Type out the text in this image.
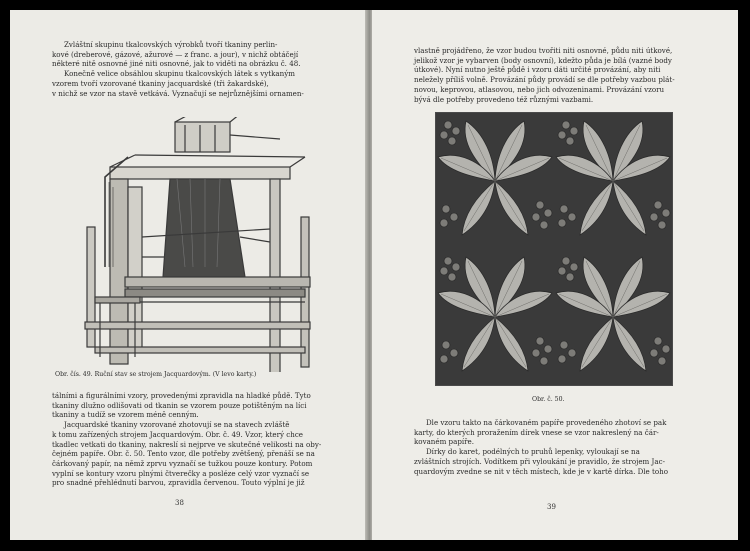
Zvláštní skupinu tkalcovských výrobků tvoří tkaniny perlin-

kové (dreberové, gázové, ažurové — z franc. a jour), v nichž obtáčejí

některé nitě osnovné jiné niti osnovné, jak to viděti na obrázku č. 48.

Konečně velice obsáhlou skupinu tkalcovských látek s vytkaným

vzorem tvoří vzorované tkaniny jacquardské (tři žakardské),

v nichž se vzor na stavě vetkává. Vyznačují se nejrůznějšími ornamen-

Obr. čís. 49. Ruční stav se strojem Jacquardovým. (V levo karty.)

tálními a figurálními vzory, provedenými zpravidla na hladké půdě. Tyto

tkaniny dlužno odlišovati od tkanin se vzorem pouze potištěným na líci

tkaniny a tudíž se vzorem méně cenným.

Jacquardské tkaniny vzorované zhotovují se na stavech zvláště

k tomu zařízených strojem Jacquardovým. Obr. č. 49. Vzor, který chce

tkadlec vetkati do tkaniny, nakreslí si nejprve ve skutečné velikosti na oby-

čejném papíře. Obr. č. 50. Tento vzor, dle potřeby zvětšený, přenáší se na

čárkovaný papír, na němž zprvu vyznačí se tužkou pouze kontury. Potom

vyplní se kontury vzoru plnými čtverečky a posléze celý vzor vyznačí se

pro snadné přehlédnutí barvou, zpravidla červenou. Touto výplní je již

38

vlastně projádřeno, že vzor budou tvořiti niti osnovné, půdu niti útkové,

jelikož vzor je vybarven (body osnovní), kdežto půda je bílá (vazné body

útkové). Nyní nutno ještě půdě i vzoru dáti určité provázání, aby niti

neležely příliš volně. Provázání půdy provádí se dle potřeby vazbou plát-

novou, keprovou, atlasovou, nebo jich odvozeninami. Provázání vzoru

bývá dle potřeby provedeno též různými vazbami.

Obr. č. 50.

Dle vzoru takto na čárkovaném papíře provedeného zhotoví se pak

karty, do kterých proražením dírek vnese se vzor nakreslený na čár-

kovaném papíře.

Dírky do karet, podélných to pruhů lepenky, vyloukají se na

zvláštních strojích. Vodítkem při vyloukání je pravidlo, že strojem Jac-

quardovým zvedne se nit v těch místech, kde je v kartě dírka. Dle toho

39
